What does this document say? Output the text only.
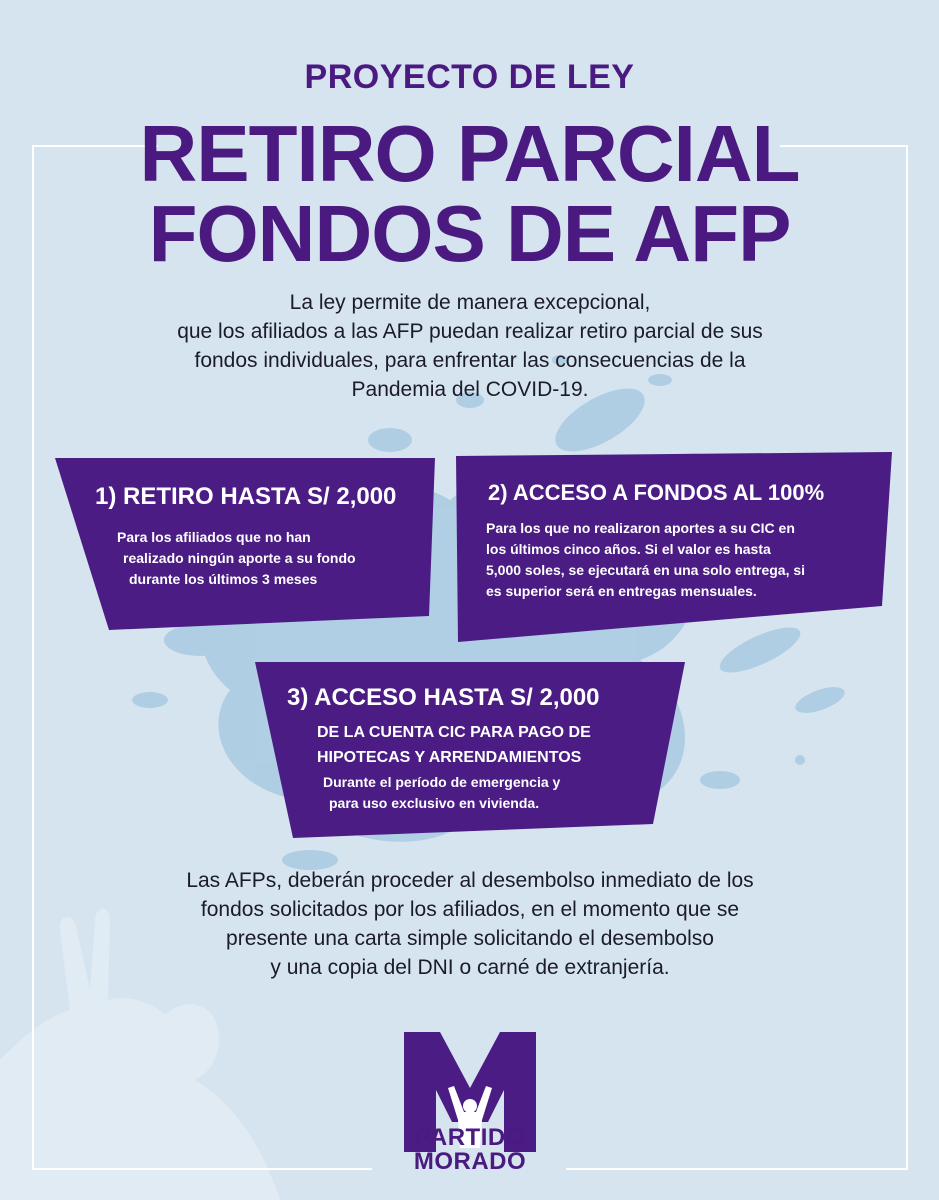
PROYECTO DE LEY
RETIRO PARCIAL
FONDOS DE AFP
La ley permite de manera excepcional,
que los afiliados a las AFP puedan realizar retiro parcial de sus
fondos individuales, para enfrentar las consecuencias de la
Pandemia del COVID-19.
1) RETIRO HASTA S/ 2,000
Para los afiliados que no han
realizado ningún aporte a su fondo
durante los últimos 3 meses
2) ACCESO A FONDOS AL 100%
Para los que no realizaron aportes a su CIC en
los últimos cinco años. Si el valor es hasta
5,000 soles, se ejecutará en una solo entrega, si
es superior será en entregas mensuales.
3) ACCESO HASTA S/ 2,000
DE LA CUENTA CIC PARA PAGO DE
HIPOTECAS Y ARRENDAMIENTOS
Durante el período de emergencia y
para uso exclusivo en vivienda.
Las AFPs, deberán proceder al desembolso inmediato de los
fondos solicitados por los afiliados, en el momento que se
presente una carta simple solicitando el desembolso
y una copia del DNI o carné de extranjería.
PARTIDO
MORADO
